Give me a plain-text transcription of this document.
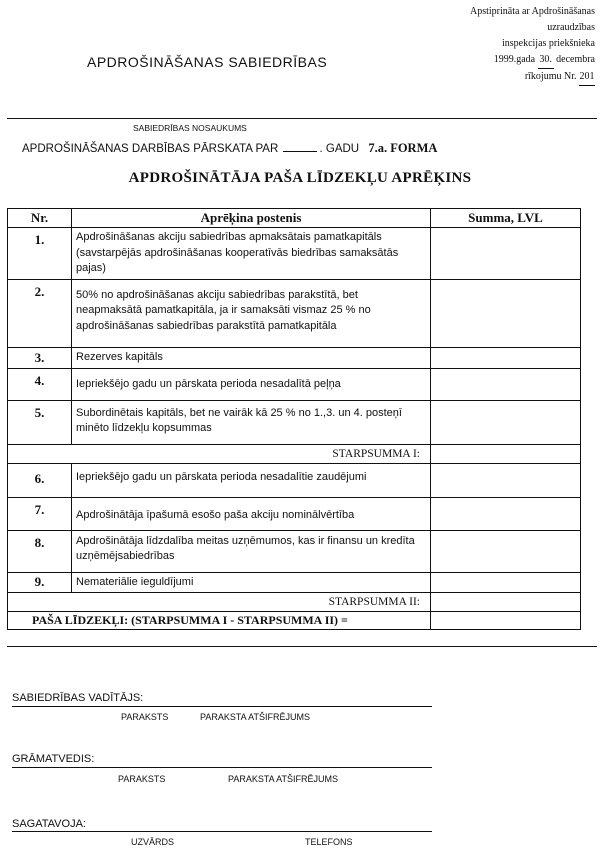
Apstiprināta ar Apdrošināšanas uzraudzības
inspekcijas priekšnieka
1999.gada 30. decembra
rīkojumu Nr. 201
APDROŠINĀŠANAS SABIEDRĪBAS
SABIEDRĪBAS NOSAUKUMS
APDROŠINĀŠANAS DARBĪBAS PĀRSKATA PAR	. GADU 7.a. FORMA
APDROŠINĀTĀJA PAŠA LĪDZEKĻU APRĒĶINS
Nr.	Aprēķina postenis	Summa, LVL

1.	Apdrošināšanas akciju sabiedrības apmaksātais pamatkapitāls (savstarpējās apdrošināšanas kooperatīvās biedrības samaksātās pajas)	

2.	50% no apdrošināšanas akciju sabiedrības parakstītā, bet neapmaksātā pamatkapitāla, ja ir samaksāti vismaz 25 % no apdrošināšanas sabiedrības parakstītā pamatkapitāla	

3.	Rezerves kapitāls	

4.	Iepriekšējo gadu un pārskata perioda nesadalītā peļņa	

5.	Subordinētais kapitāls, bet ne vairāk kā 25 % no 1.,3. un 4. posteņī minēto līdzekļu kopsummas	

STARPSUMMA I:		

6.	Iepriekšējo gadu un pārskata perioda nesadalītie zaudējumi	

7.	Apdrošinātāja īpašumā esošo paša akciju nominālvērtība	

8.	Apdrošinātāja līdzdalība meitas uzņēmumos, kas ir finansu un kredīta uzņēmējsabiedrības	

9.	Nemateriālie ieguldījumi	

STARPSUMMA II:		
PAŠA LĪDZEKĻI: (STARPSUMMA I - STARPSUMMA II) =		
SABIEDRĪBAS VADĪTĀJS:
PARAKSTS	PARAKSTA ATŠIFRĒJUMS
GRĀMATVEDIS:
PARAKSTS	PARAKSTA ATŠIFRĒJUMS
SAGATAVOJA:
UZVĀRDS	TELEFONS
